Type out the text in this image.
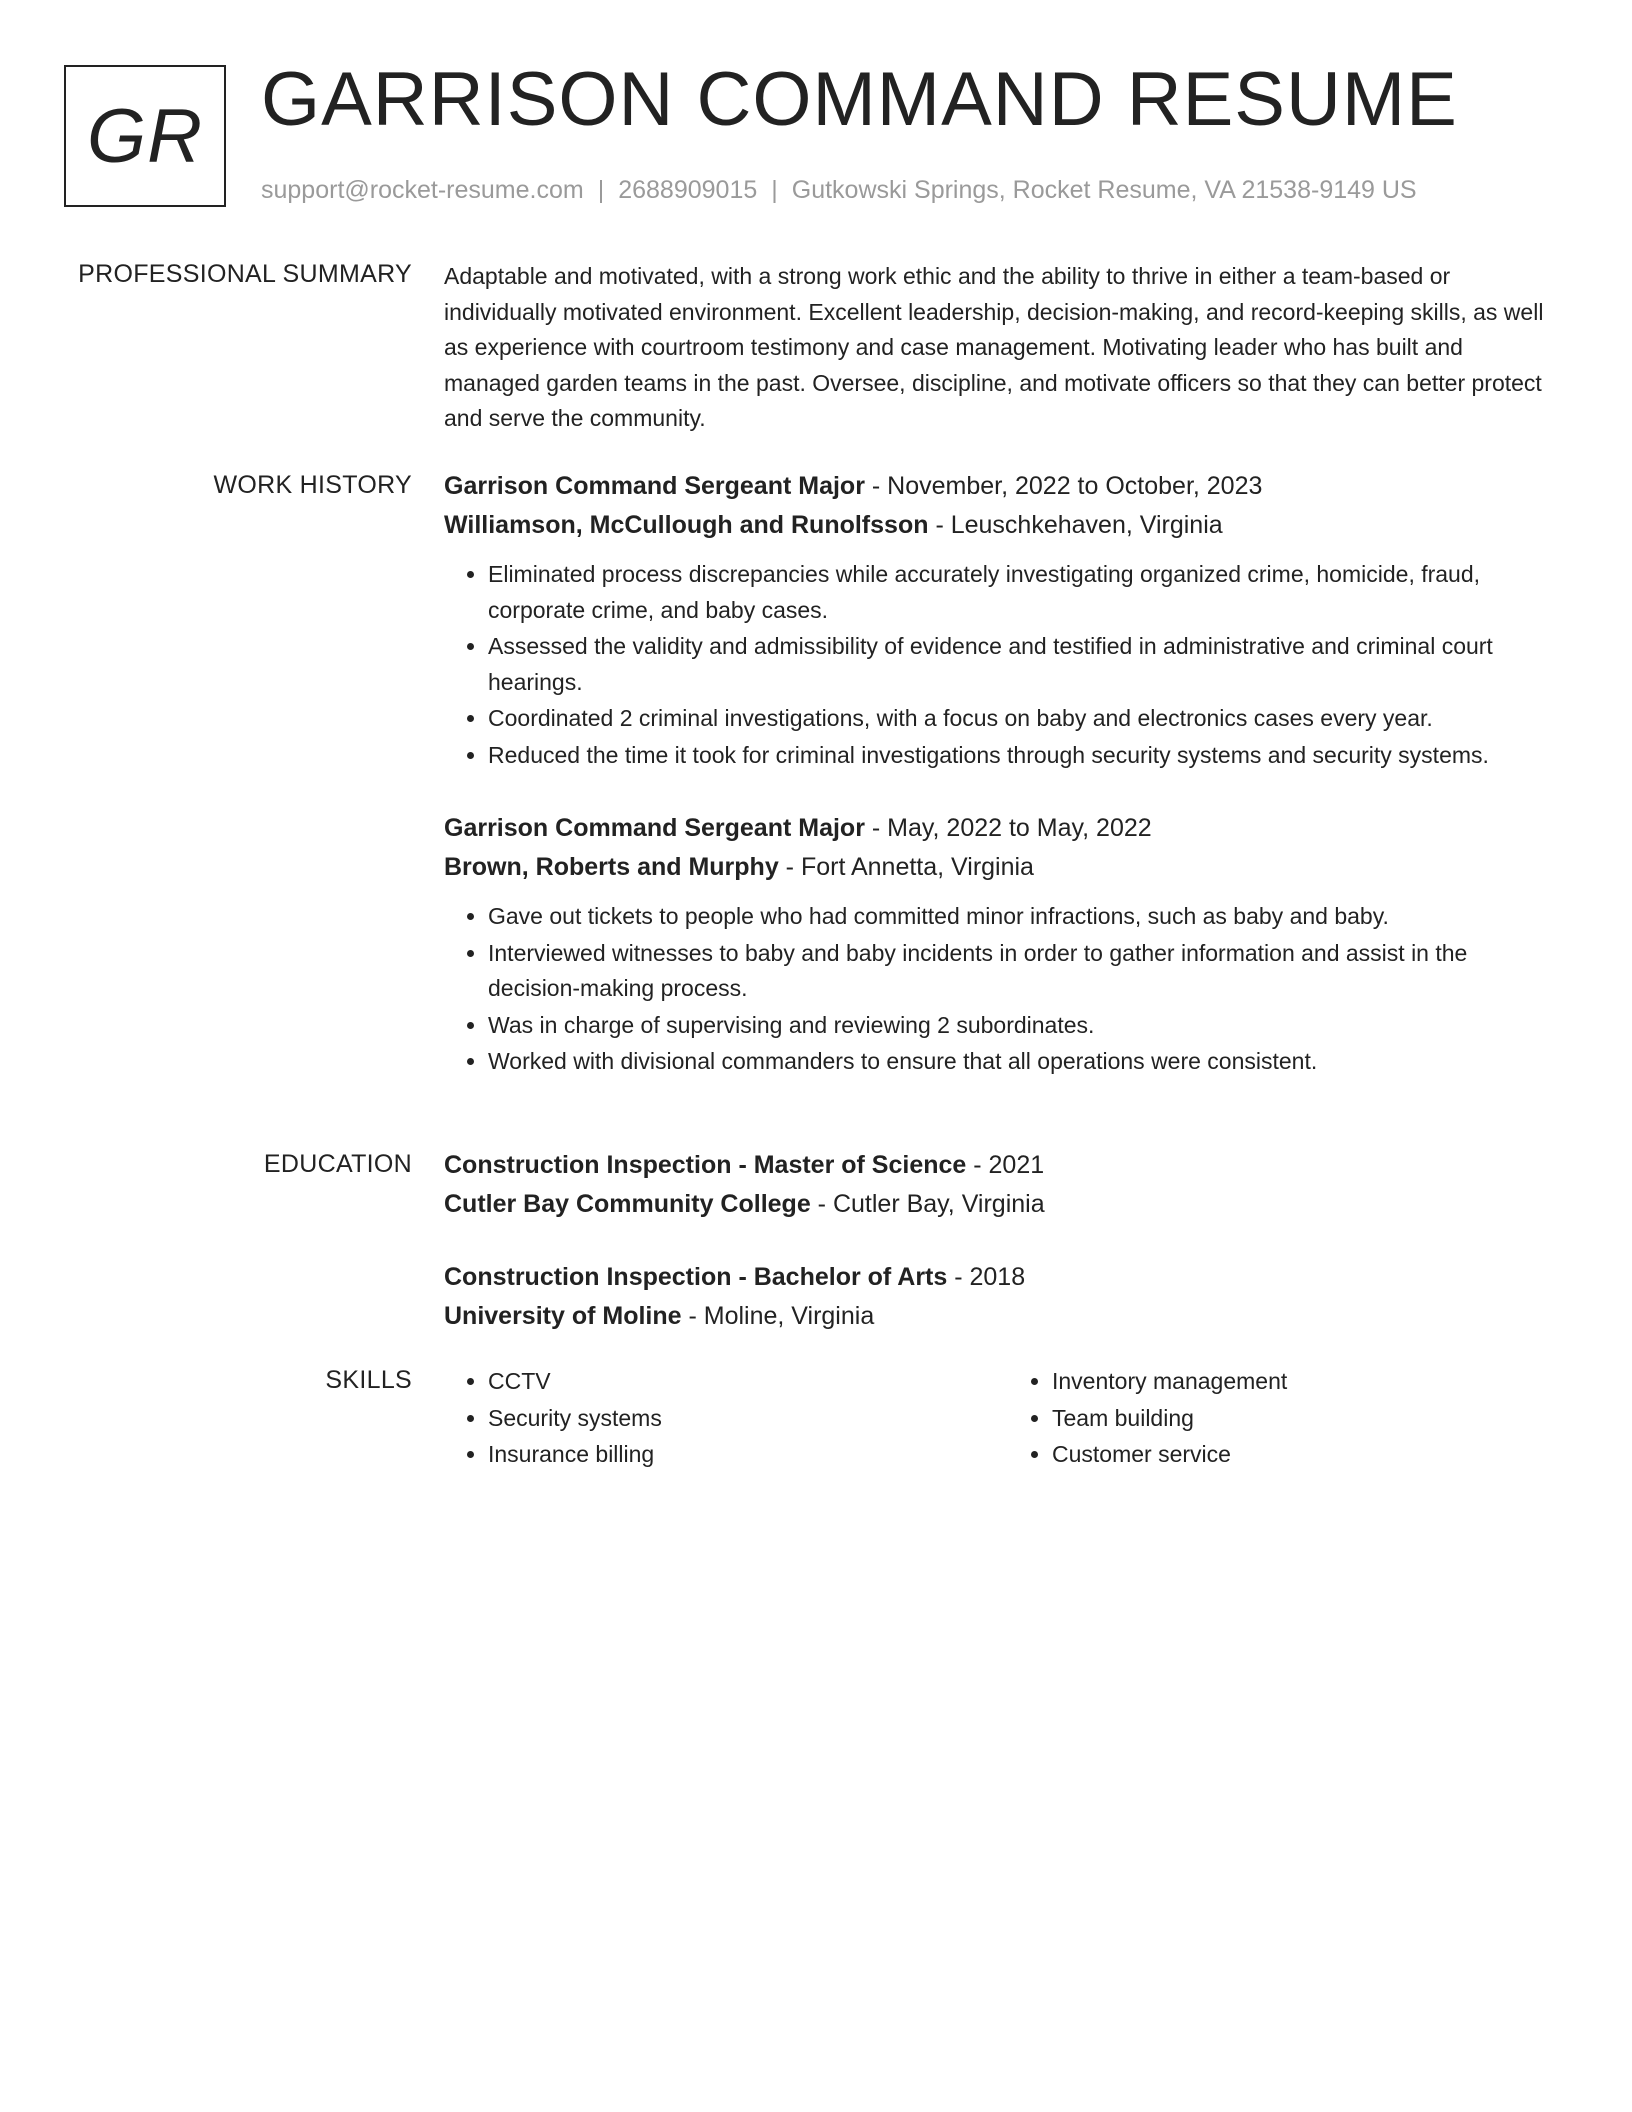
GR GARRISON COMMAND RESUME
support@rocket-resume.com | 2688909015 | Gutkowski Springs, Rocket Resume, VA 21538-9149 US
PROFESSIONAL SUMMARY Adaptable and motivated, with a strong work ethic and the ability to thrive in either a team-based or individually motivated environment. Excellent leadership, decision-making, and record-keeping skills, as well as experience with courtroom testimony and case management. Motivating leader who has built and managed garden teams in the past. Oversee, discipline, and motivate officers so that they can better protect and serve the community.
WORK HISTORY Garrison Command Sergeant Major - November, 2022 to October, 2023
Williamson, McCullough and Runolfsson - Leuschkehaven, Virginia
• Eliminated process discrepancies while accurately investigating organized crime, homicide, fraud, corporate crime, and baby cases.
• Assessed the validity and admissibility of evidence and testified in administrative and criminal court hearings.
• Coordinated 2 criminal investigations, with a focus on baby and electronics cases every year.
• Reduced the time it took for criminal investigations through security systems and security systems.
Garrison Command Sergeant Major - May, 2022 to May, 2022
Brown, Roberts and Murphy - Fort Annetta, Virginia
• Gave out tickets to people who had committed minor infractions, such as baby and baby.
• Interviewed witnesses to baby and baby incidents in order to gather information and assist in the decision-making process.
• Was in charge of supervising and reviewing 2 subordinates.
• Worked with divisional commanders to ensure that all operations were consistent.
EDUCATION Construction Inspection - Master of Science - 2021
Cutler Bay Community College - Cutler Bay, Virginia
Construction Inspection - Bachelor of Arts - 2018
University of Moline - Moline, Virginia
SKILLS
•	CCTV
• Security systems
• Insurance billing
• Inventory management
• Team building
• Customer service
